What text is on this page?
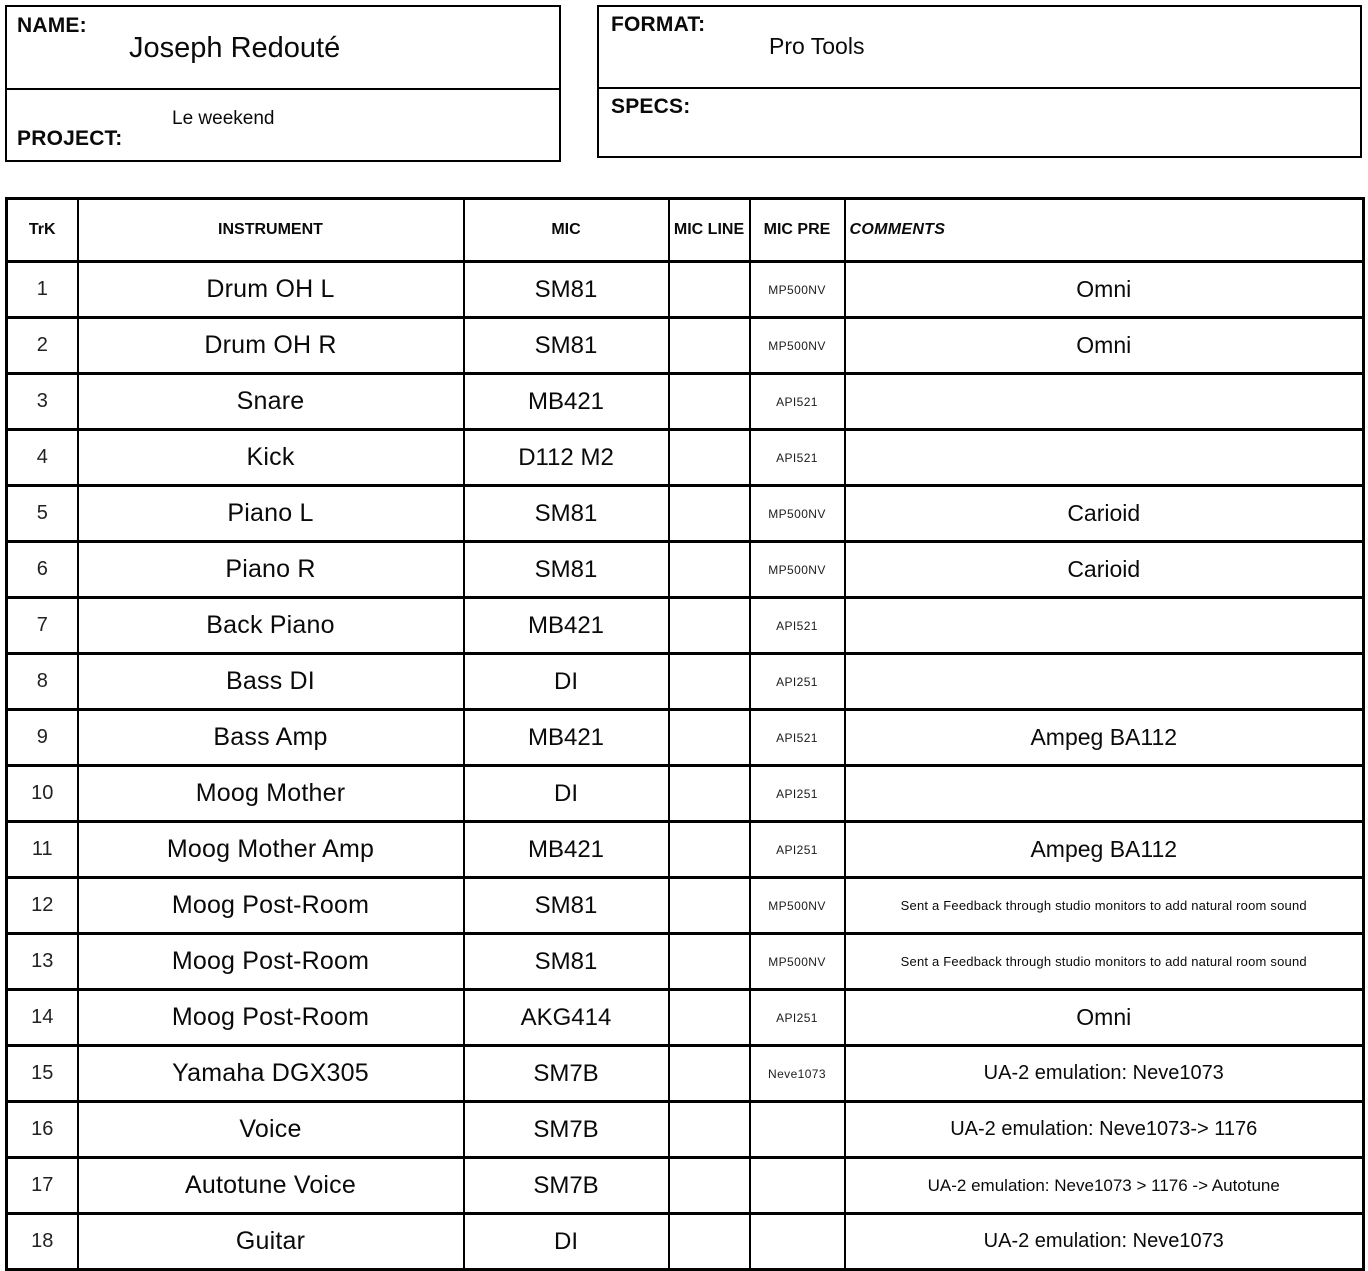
NAME:
Joseph Redouté
Le weekend
PROJECT:
FORMAT:
Pro Tools
SPECS:
TrK	INSTRUMENT	MIC	MIC LINE	MIC PRE	COMMENTS
1	Drum OH L	SM81		MP500NV	Omni
2	Drum OH R	SM81		MP500NV	Omni
3	Snare	MB421		API521	
4	Kick	D112 M2		API521	
5	Piano L	SM81		MP500NV	Carioid
6	Piano R	SM81		MP500NV	Carioid
7	Back Piano	MB421		API521	
8	Bass DI	DI		API251	
9	Bass Amp	MB421		API521	Ampeg BA112
10	Moog Mother	DI		API251	
11	Moog Mother Amp	MB421		API251	Ampeg BA112
12	Moog Post-Room	SM81		MP500NV	Sent a Feedback through studio monitors to add natural room sound
13	Moog Post-Room	SM81		MP500NV	Sent a Feedback through studio monitors to add natural room sound
14	Moog Post-Room	AKG414		API251	Omni
15	Yamaha DGX305	SM7B		Neve1073	UA-2 emulation: Neve1073
16	Voice	SM7B			UA-2 emulation: Neve1073-> 1176
17	Autotune Voice	SM7B			UA-2 emulation: Neve1073 > 1176 -> Autotune
18	Guitar	DI			UA-2 emulation: Neve1073
